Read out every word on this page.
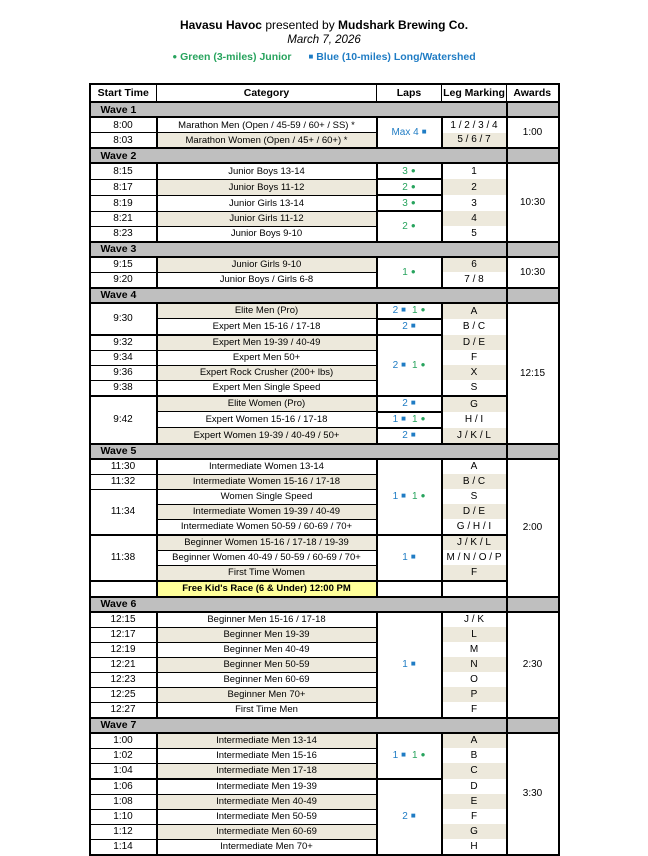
Havasu Havoc presented by Mudshark Brewing Co.
March 7, 2026
● Green (3-miles) Junior ■ Blue (10-miles) Long/Watershed
Start Time	Category	Laps	Leg Marking	Awards
Wave 1				
8:00	Marathon Men (Open / 45-59 / 60+ / SS) *	Max 4 ■	1 / 2 / 3 / 4	1:00
8:03	Marathon Women (Open / 45+ / 60+) *		5 / 6 / 7	
Wave 2				
8:15	Junior Boys 13-14	3 ●	1	10:30
8:17	Junior Boys 11-12	2 ●	2	
8:19	Junior Girls 13-14	3 ●	3	
8:21	Junior Girls 11-12	2 ●	4	
8:23	Junior Boys 9-10		5	
Wave 3				
9:15	Junior Girls 9-10	1 ●	6	10:30
9:20	Junior Boys / Girls 6-8		7 / 8	
Wave 4				
9:30	Elite Men (Pro)	2 ■ 1 ●	A	12:15
	Expert Men 15-16 / 17-18	2 ■	B / C	
9:32	Expert Men 19-39 / 40-49	2 ■ 1 ●	D / E	
9:34	Expert Men 50+		F	
9:36	Expert Rock Crusher (200+ lbs)		X	
9:38	Expert Men Single Speed		S	
9:42	Elite Women (Pro)	2 ■	G	
	Expert Women 15-16 / 17-18	1 ■ 1 ●	H / I	
	Expert Women 19-39 / 40-49 / 50+	2 ■	J / K / L	
Wave 5				
11:30	Intermediate Women 13-14	1 ■ 1 ●	A	2:00
11:32	Intermediate Women 15-16 / 17-18		B / C	
11:34	Women Single Speed		S	
	Intermediate Women 19-39 / 40-49		D / E	
	Intermediate Women 50-59 / 60-69 / 70+		G / H / I	
11:38	Beginner Women 15-16 / 17-18 / 19-39	1 ■	J / K / L	
	Beginner Women 40-49 / 50-59 / 60-69 / 70+		M / N / O / P	
	First Time Women		F	
	Free Kid's Race (6 & Under) 12:00 PM			
Wave 6				
12:15	Beginner Men 15-16 / 17-18	1 ■	J / K	2:30
12:17	Beginner Men 19-39		L	
12:19	Beginner Men 40-49		M	
12:21	Beginner Men 50-59		N	
12:23	Beginner Men 60-69		O	
12:25	Beginner Men 70+		P	
12:27	First Time Men		F	
Wave 7				
1:00	Intermediate Men 13-14	1 ■ 1 ●	A	3:30
1:02	Intermediate Men 15-16		B	
1:04	Intermediate Men 17-18		C	
1:06	Intermediate Men 19-39	2 ■	D	
1:08	Intermediate Men 40-49		E	
1:10	Intermediate Men 50-59		F	
1:12	Intermediate Men 60-69		G	
1:14	Intermediate Men 70+		H	
